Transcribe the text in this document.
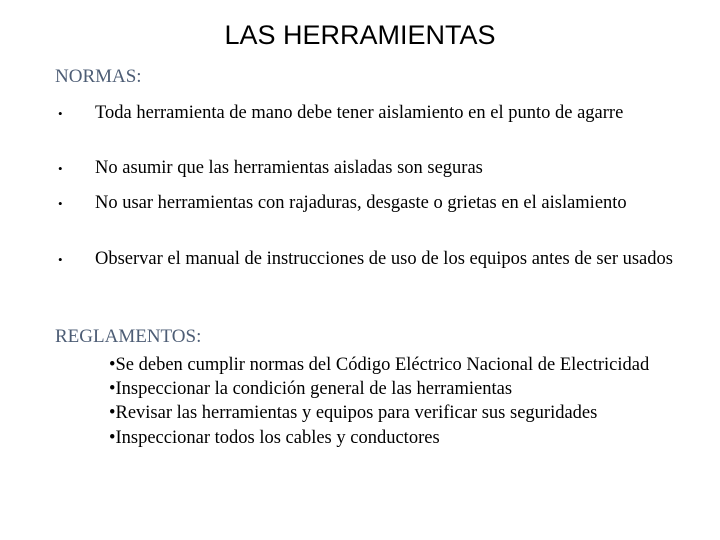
LAS HERRAMIENTAS
NORMAS:
• Toda herramienta de mano debe tener aislamiento en el punto de agarre
• No asumir que las herramientas aisladas son seguras
• No usar herramientas con rajaduras, desgaste o grietas en el aislamiento
• Observar el manual de instrucciones de uso de los equipos antes de ser usados
REGLAMENTOS:
•Se deben cumplir normas del Código Eléctrico Nacional de Electricidad
•Inspeccionar la condición general de las herramientas
•Revisar las herramientas y equipos para verificar sus seguridades
•Inspeccionar todos los cables y conductores
